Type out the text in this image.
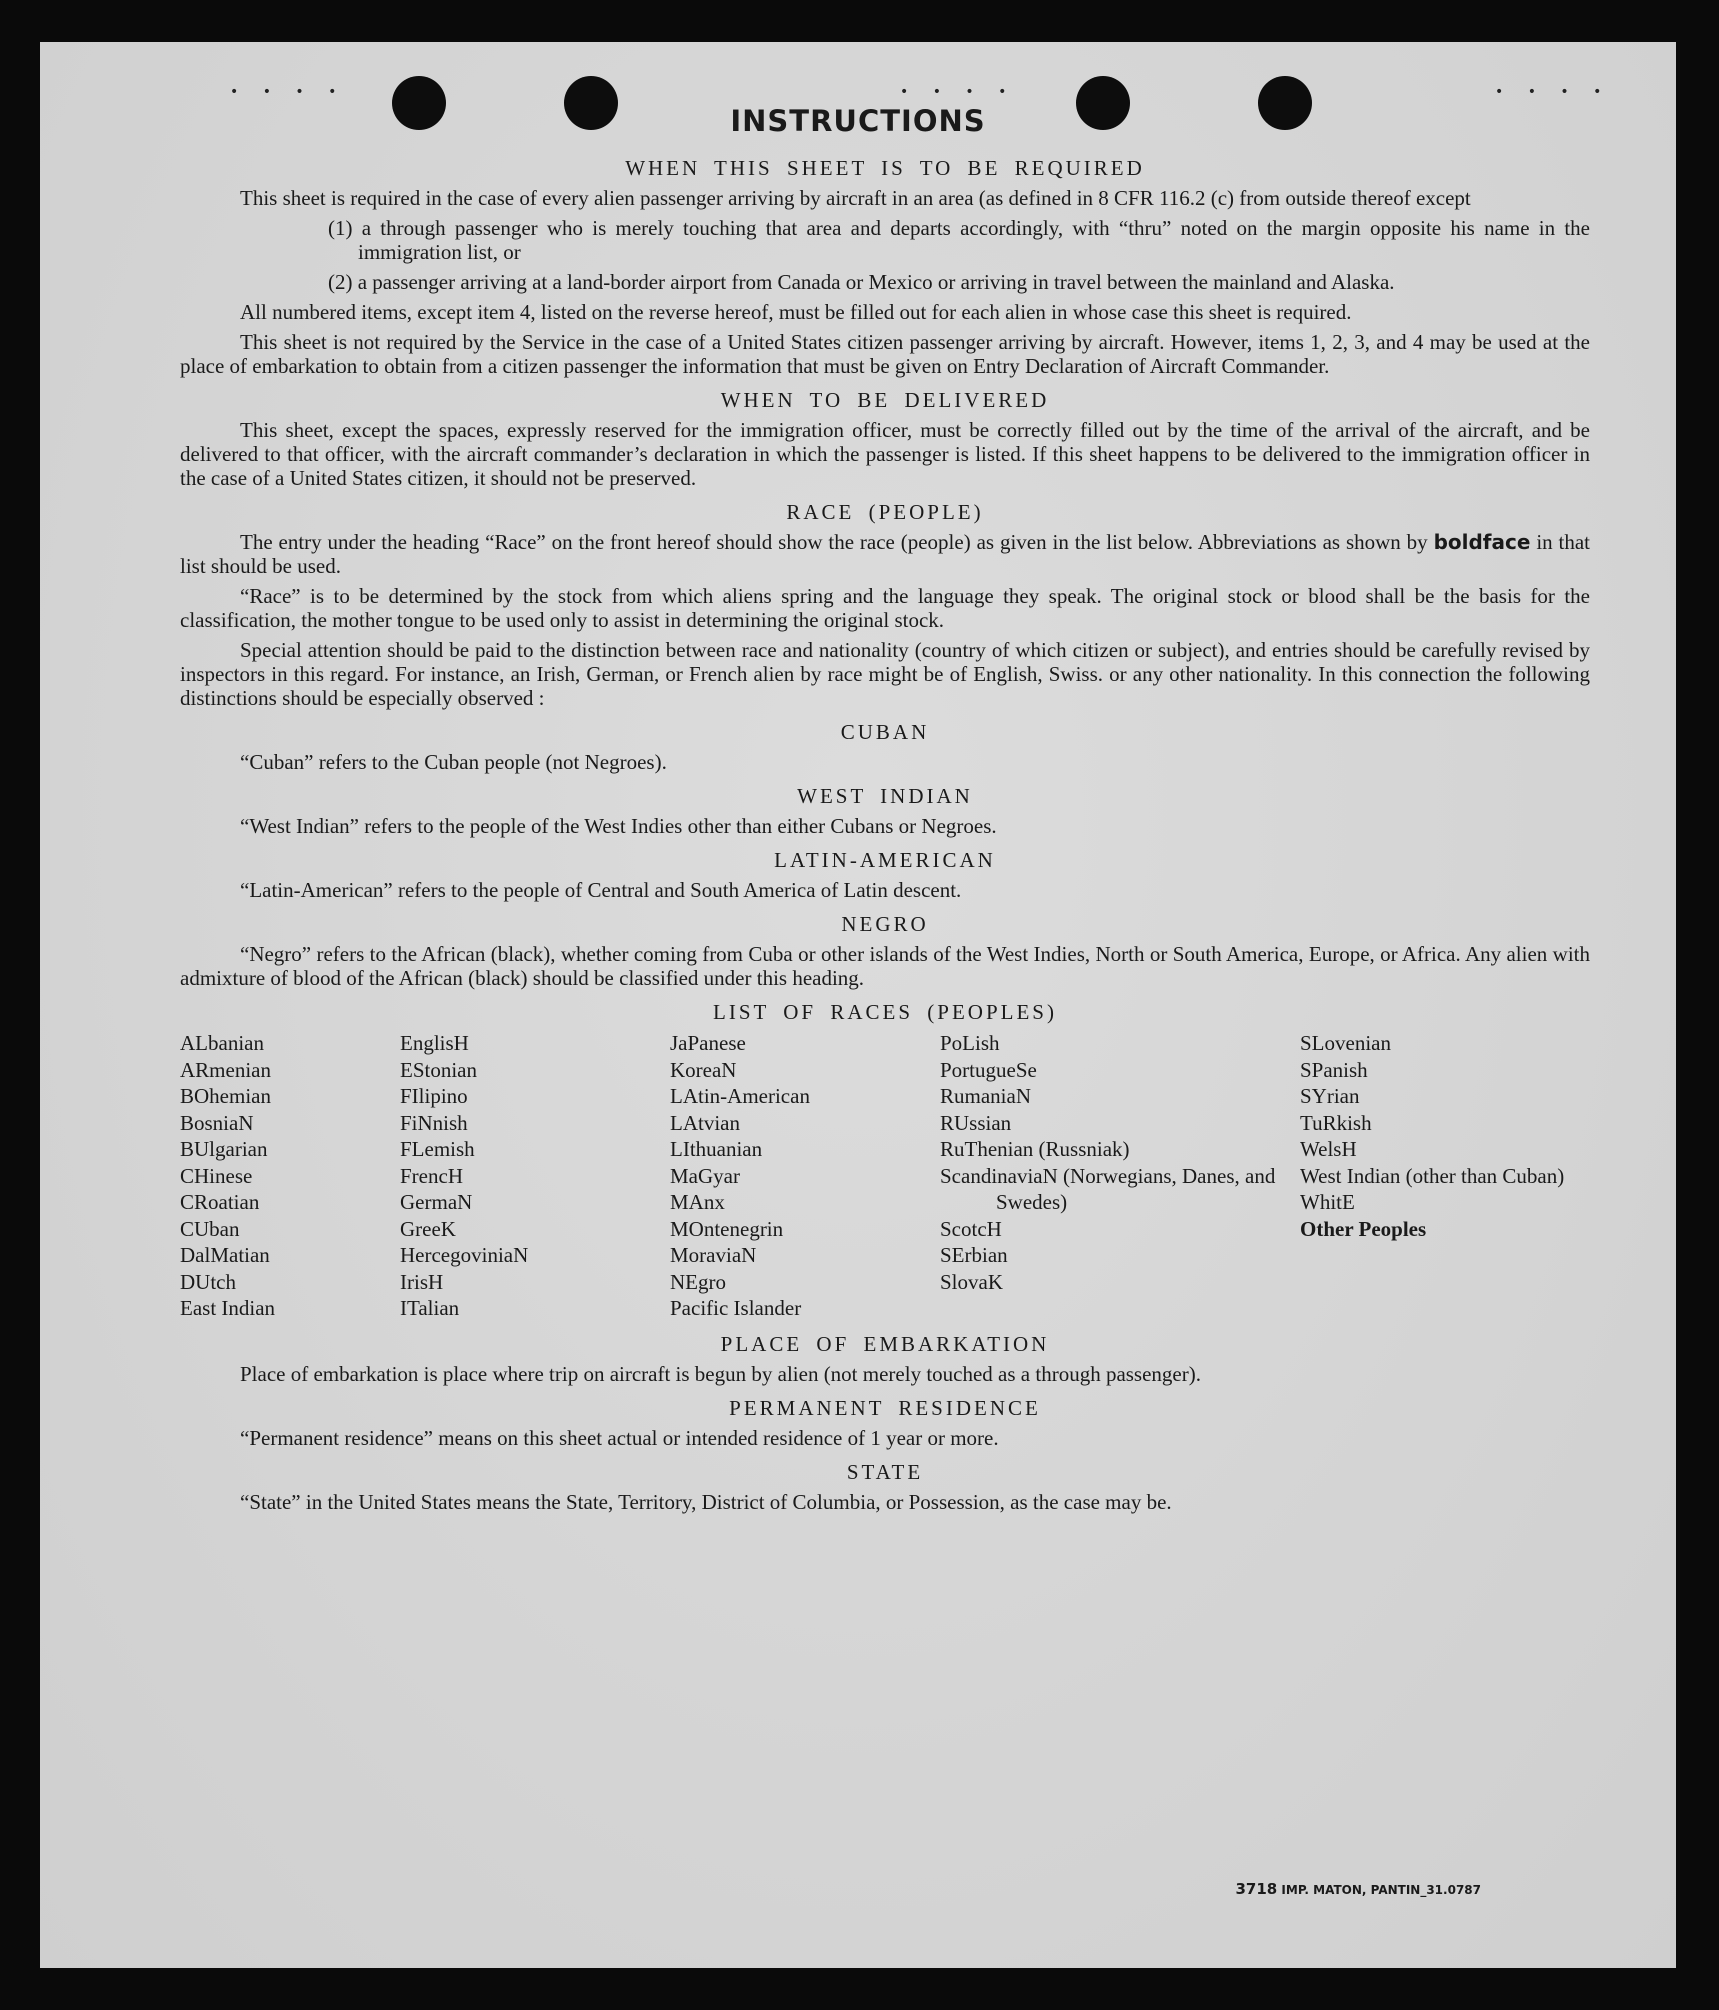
• • • •	• • • •	• • • •
INSTRUCTIONS
WHEN THIS SHEET IS TO BE REQUIRED

This sheet is required in the case of every alien passenger arriving by aircraft in an area (as defined in 8 CFR 116.2 (c) from outside thereof except

(1) a through passenger who is merely touching that area and departs accordingly, with “thru” noted on the margin opposite his name in the immigration list, or

(2) a passenger arriving at a land-border airport from Canada or Mexico or arriving in travel between the mainland and Alaska.

All numbered items, except item 4, listed on the reverse hereof, must be filled out for each alien in whose case this sheet is required.

This sheet is not required by the Service in the case of a United States citizen passenger arriving by aircraft. However, items 1, 2, 3, and 4 may be used at the place of embarkation to obtain from a citizen passenger the information that must be given on Entry Declaration of Aircraft Commander.

WHEN TO BE DELIVERED

This sheet, except the spaces, expressly reserved for the immigration officer, must be correctly filled out by the time of the arrival of the aircraft, and be delivered to that officer, with the aircraft commander’s declaration in which the passenger is listed. If this sheet happens to be delivered to the immigration officer in the case of a United States citizen, it should not be preserved.

RACE (PEOPLE)

The entry under the heading “Race” on the front hereof should show the race (people) as given in the list below. Abbreviations as shown by boldface in that list should be used.

“Race” is to be determined by the stock from which aliens spring and the language they speak. The original stock or blood shall be the basis for the classification, the mother tongue to be used only to assist in determining the original stock.

Special attention should be paid to the distinction between race and nationality (country of which citizen or subject), and entries should be carefully revised by inspectors in this regard. For instance, an Irish, German, or French alien by race might be of English, Swiss. or any other nationality. In this connection the following distinctions should be especially observed :

CUBAN

“Cuban” refers to the Cuban people (not Negroes).

WEST INDIAN

“West Indian” refers to the people of the West Indies other than either Cubans or Negroes.

LATIN-AMERICAN

“Latin-American” refers to the people of Central and South America of Latin descent.

NEGRO

“Negro” refers to the African (black), whether coming from Cuba or other islands of the West Indies, North or South America, Europe, or Africa. Any alien with admixture of blood of the African (black) should be classified under this heading.

LIST OF RACES (PEOPLES)
ALbanian
ARmenian
BOhemian
BosniaN
BUlgarian
CHinese
CRoatian
CUban
DalMatian
DUtch
East Indian
EnglisH
EStonian
FIlipino
FiNnish
FLemish
FrencH
GermaN
GreeK
HercegoviniaN
IrisH
ITalian
JaPanese
KoreaN
LAtin-American
LAtvian
LIthuanian
MaGyar
MAnx
MOntenegrin
MoraviaN
NEgro
Pacific Islander
PoLish
PortugueSe
RumaniaN
RUssian
RuThenian (Russniak)
ScandinaviaN (Norwegians, Danes, and Swedes)
ScotcH
SErbian
SlovaK
SLovenian
SPanish
SYrian
TuRkish
WelsH
West Indian (other than Cuban)
WhitE
Other Peoples
PLACE OF EMBARKATION

Place of embarkation is place where trip on aircraft is begun by alien (not merely touched as a through passenger).

PERMANENT RESIDENCE

“Permanent residence” means on this sheet actual or intended residence of 1 year or more.

STATE

“State” in the United States means the State, Territory, District of Columbia, or Possession, as the case may be.

3718 IMP. MATON, PANTIN_31.0787
